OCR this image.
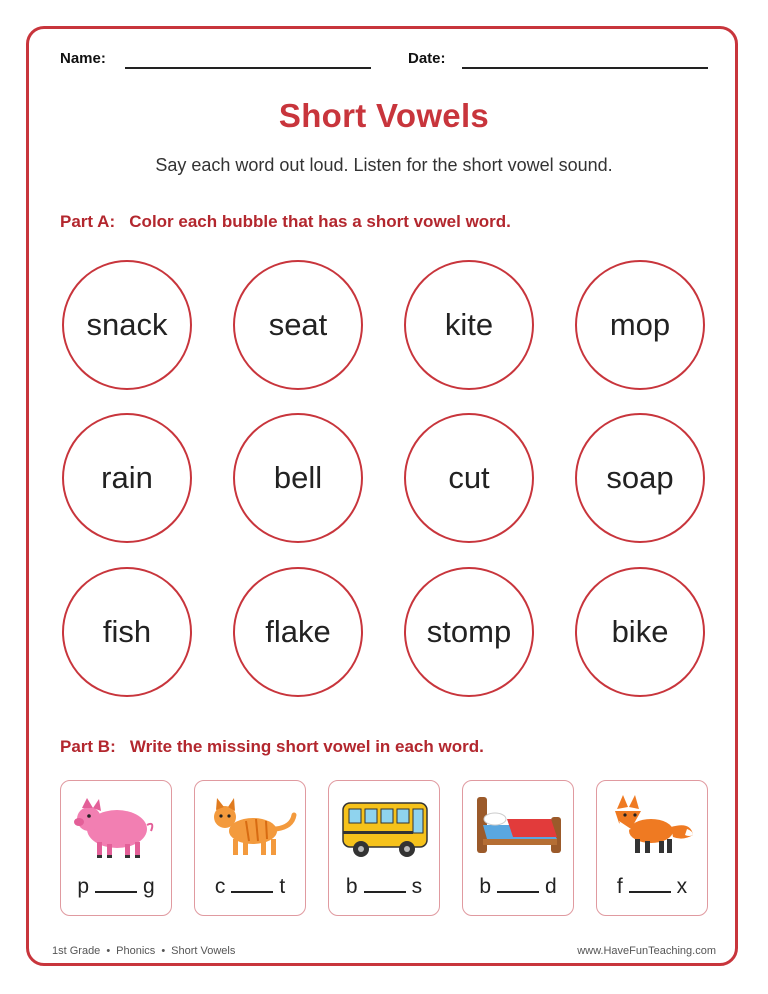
Name:	Date:
Short Vowels
Say each word out loud. Listen for the short vowel sound.
Part A: Color each bubble that has a short vowel word.
snack	seat	kite	mop
rain	bell	cut	soap
fish	flake	stomp	bike
Part B: Write the missing short vowel in each word.
p	g	c	t	b	s	b	d	f	x
1st Grade • Phonics • Short Vowels	www.HaveFunTeaching.com
